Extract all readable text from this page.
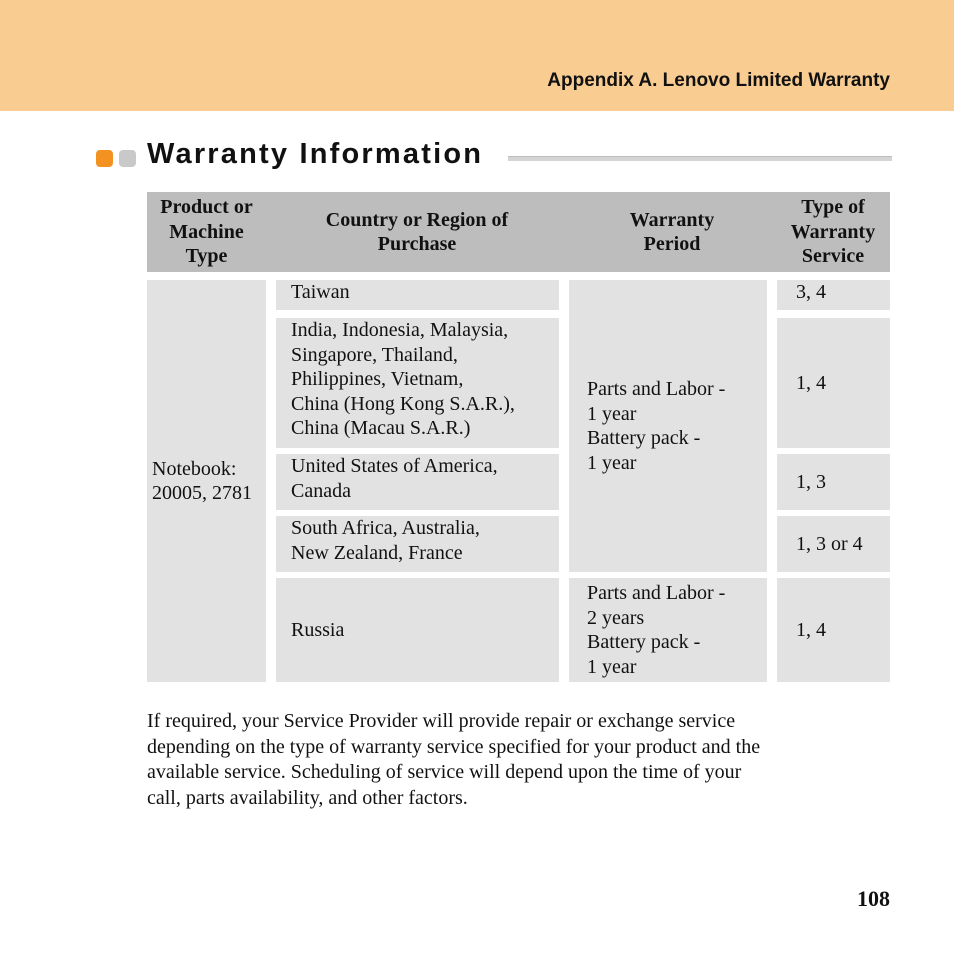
Appendix A. Lenovo Limited Warranty
Warranty Information
Product or
Machine
Type
Country or Region of
Purchase
Warranty
Period
Type of
Warranty
Service
Notebook:
20005, 2781
Taiwan
India, Indonesia, Malaysia,
Singapore, Thailand,
Philippines, Vietnam,
China (Hong Kong S.A.R.),
China (Macau S.A.R.)
United States of America,
Canada
South Africa, Australia,
New Zealand, France
Russia
Parts and Labor -
1 year
Battery pack -
1 year
Parts and Labor -
2 years
Battery pack -
1 year
3, 4
1, 4
1, 3
1, 3 or 4
1, 4
If required, your Service Provider will provide repair or exchange service
depending on the type of warranty service specified for your product and the
available service. Scheduling of service will depend upon the time of your
call, parts availability, and other factors.
108
